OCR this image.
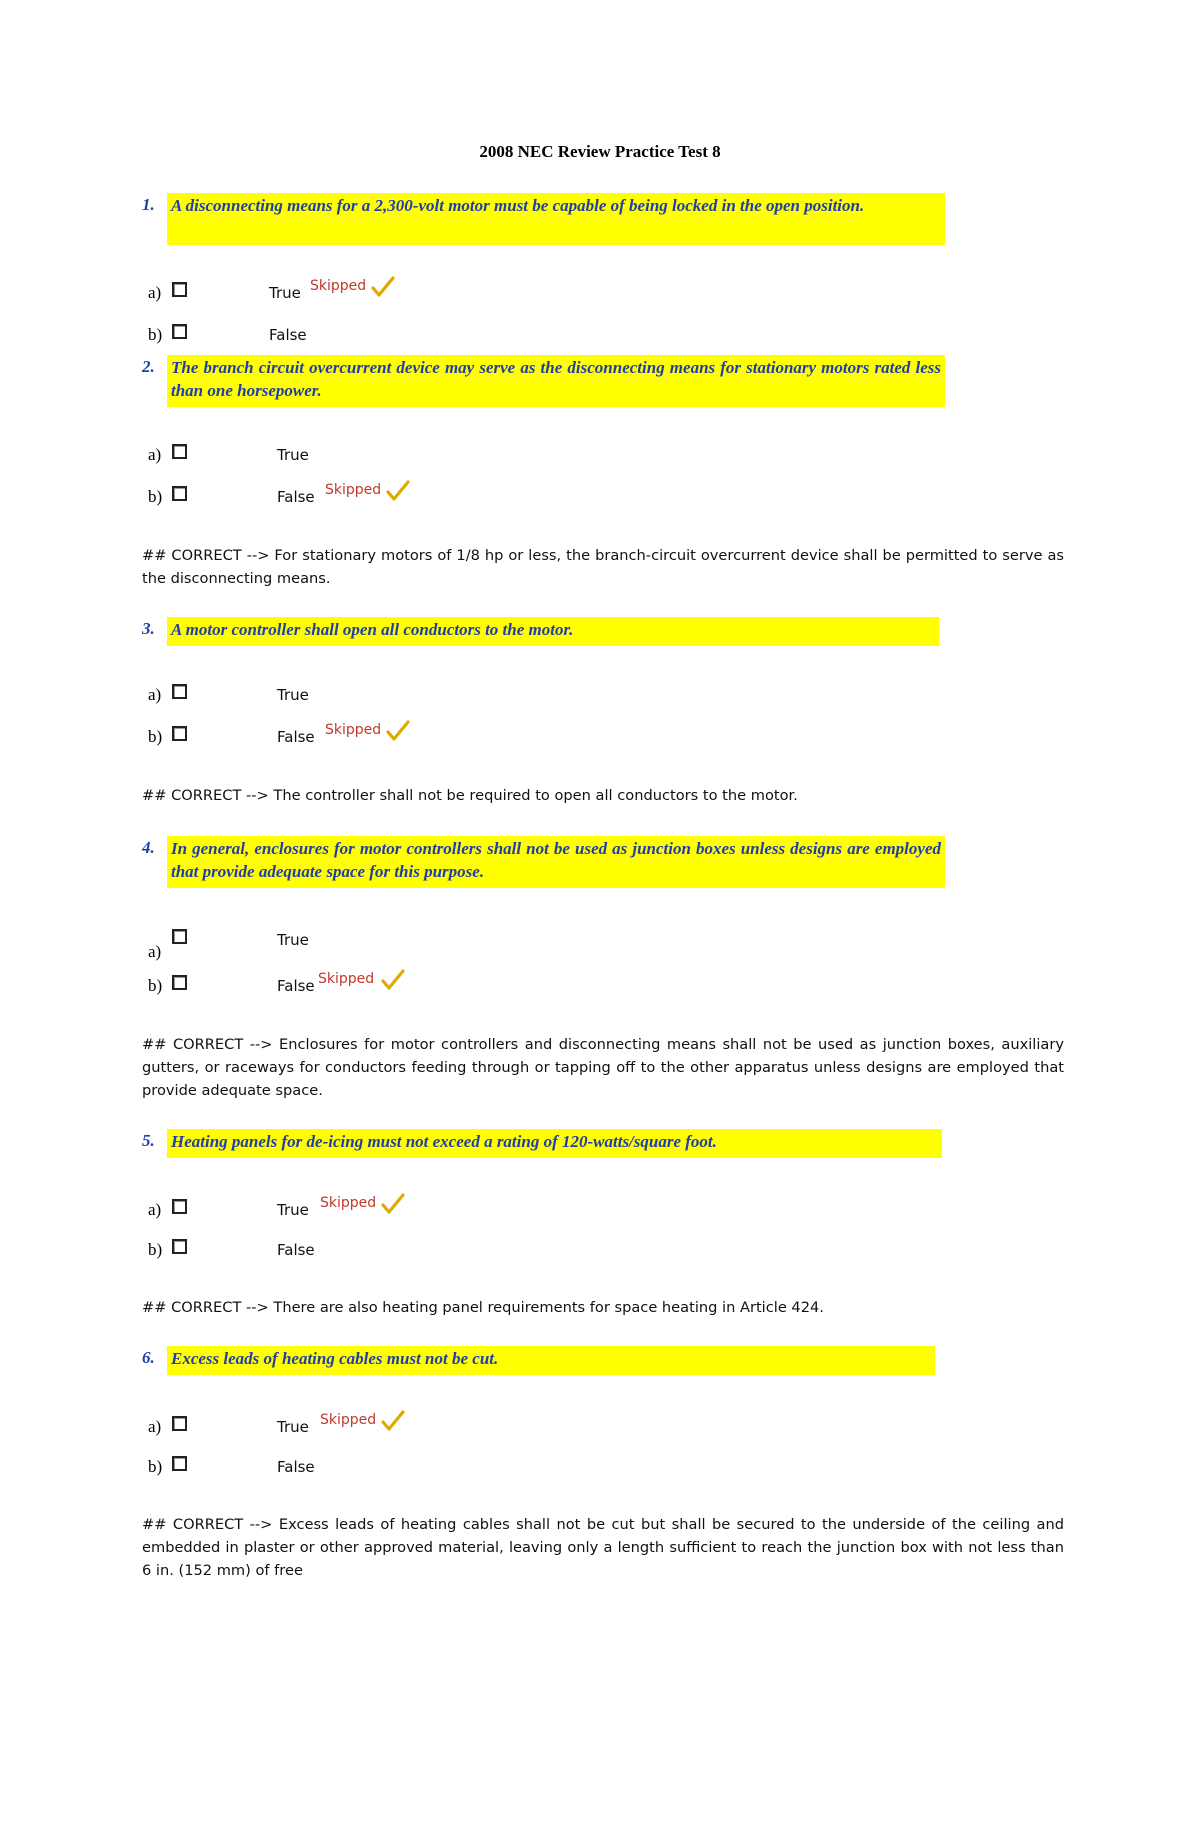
2008 NEC Review Practice Test 8
1. A disconnecting means for a 2,300-volt motor must be capable of being locked in the open position.
a)	True Skipped
b)	False
2. The branch circuit overcurrent device may serve as the disconnecting means for stationary motors rated less than one horsepower.
a)	True
b)	False Skipped
## CORRECT --> For stationary motors of 1/8 hp or less, the branch-circuit overcurrent device shall be permitted to serve as the disconnecting means.
3. A motor controller shall open all conductors to the motor.
a)	True
b)	False Skipped
## CORRECT --> The controller shall not be required to open all conductors to the motor.
4. In general, enclosures for motor controllers shall not be used as junction boxes unless designs are employed that provide adequate space for this purpose.
a)
True
b)	False Skipped
## CORRECT --> Enclosures for motor controllers and disconnecting means shall not be used as junction boxes, auxiliary gutters, or raceways for conductors feeding through or tapping off to the other apparatus unless designs are employed that provide adequate space.
5. Heating panels for de-icing must not exceed a rating of 120-watts/square foot.
a)	True Skipped
b)	False
## CORRECT --> There are also heating panel requirements for space heating in Article 424.
6. Excess leads of heating cables must not be cut.
a)	True Skipped
b)	False
## CORRECT --> Excess leads of heating cables shall not be cut but shall be secured to the underside of the ceiling and embedded in plaster or other approved material, leaving only a length sufficient to reach the junction box with not less than 6 in. (152 mm) of free
